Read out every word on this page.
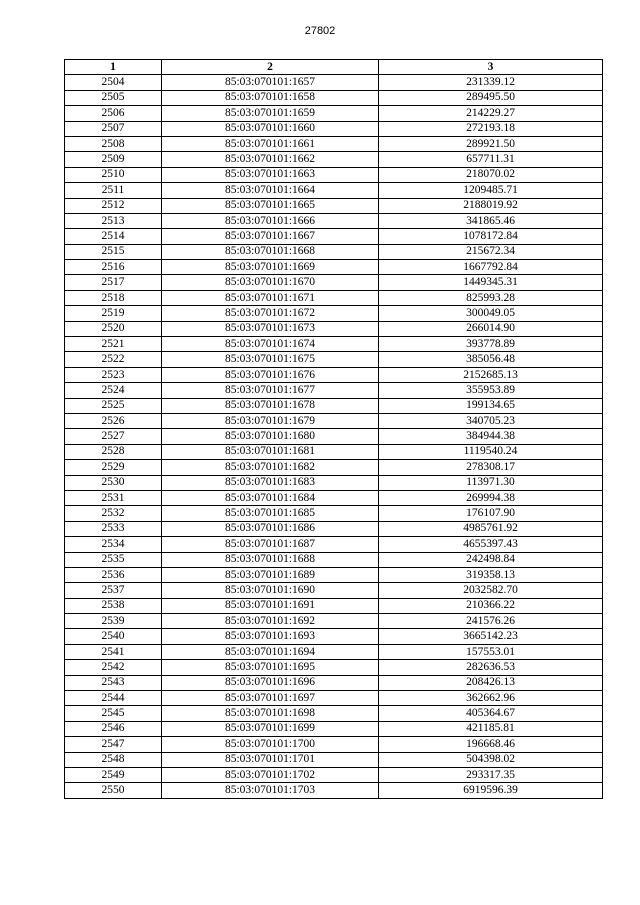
27802
1	2	3
2504	85:03:070101:1657	231339.12
2505	85:03:070101:1658	289495.50
2506	85:03:070101:1659	214229.27
2507	85:03:070101:1660	272193.18
2508	85:03:070101:1661	289921.50
2509	85:03:070101:1662	657711.31
2510	85:03:070101:1663	218070.02
2511	85:03:070101:1664	1209485.71
2512	85:03:070101:1665	2188019.92
2513	85:03:070101:1666	341865.46
2514	85:03:070101:1667	1078172.84
2515	85:03:070101:1668	215672.34
2516	85:03:070101:1669	1667792.84
2517	85:03:070101:1670	1449345.31
2518	85:03:070101:1671	825993.28
2519	85:03:070101:1672	300049.05
2520	85:03:070101:1673	266014.90
2521	85:03:070101:1674	393778.89
2522	85:03:070101:1675	385056.48
2523	85:03:070101:1676	2152685.13
2524	85:03:070101:1677	355953.89
2525	85:03:070101:1678	199134.65
2526	85:03:070101:1679	340705.23
2527	85:03:070101:1680	384944.38
2528	85:03:070101:1681	1119540.24
2529	85:03:070101:1682	278308.17
2530	85:03:070101:1683	113971.30
2531	85:03:070101:1684	269994.38
2532	85:03:070101:1685	176107.90
2533	85:03:070101:1686	4985761.92
2534	85:03:070101:1687	4655397.43
2535	85:03:070101:1688	242498.84
2536	85:03:070101:1689	319358.13
2537	85:03:070101:1690	2032582.70
2538	85:03:070101:1691	210366.22
2539	85:03:070101:1692	241576.26
2540	85:03:070101:1693	3665142.23
2541	85:03:070101:1694	157553.01
2542	85:03:070101:1695	282636.53
2543	85:03:070101:1696	208426.13
2544	85:03:070101:1697	362662.96
2545	85:03:070101:1698	405364.67
2546	85:03:070101:1699	421185.81
2547	85:03:070101:1700	196668.46
2548	85:03:070101:1701	504398.02
2549	85:03:070101:1702	293317.35
2550	85:03:070101:1703	6919596.39
